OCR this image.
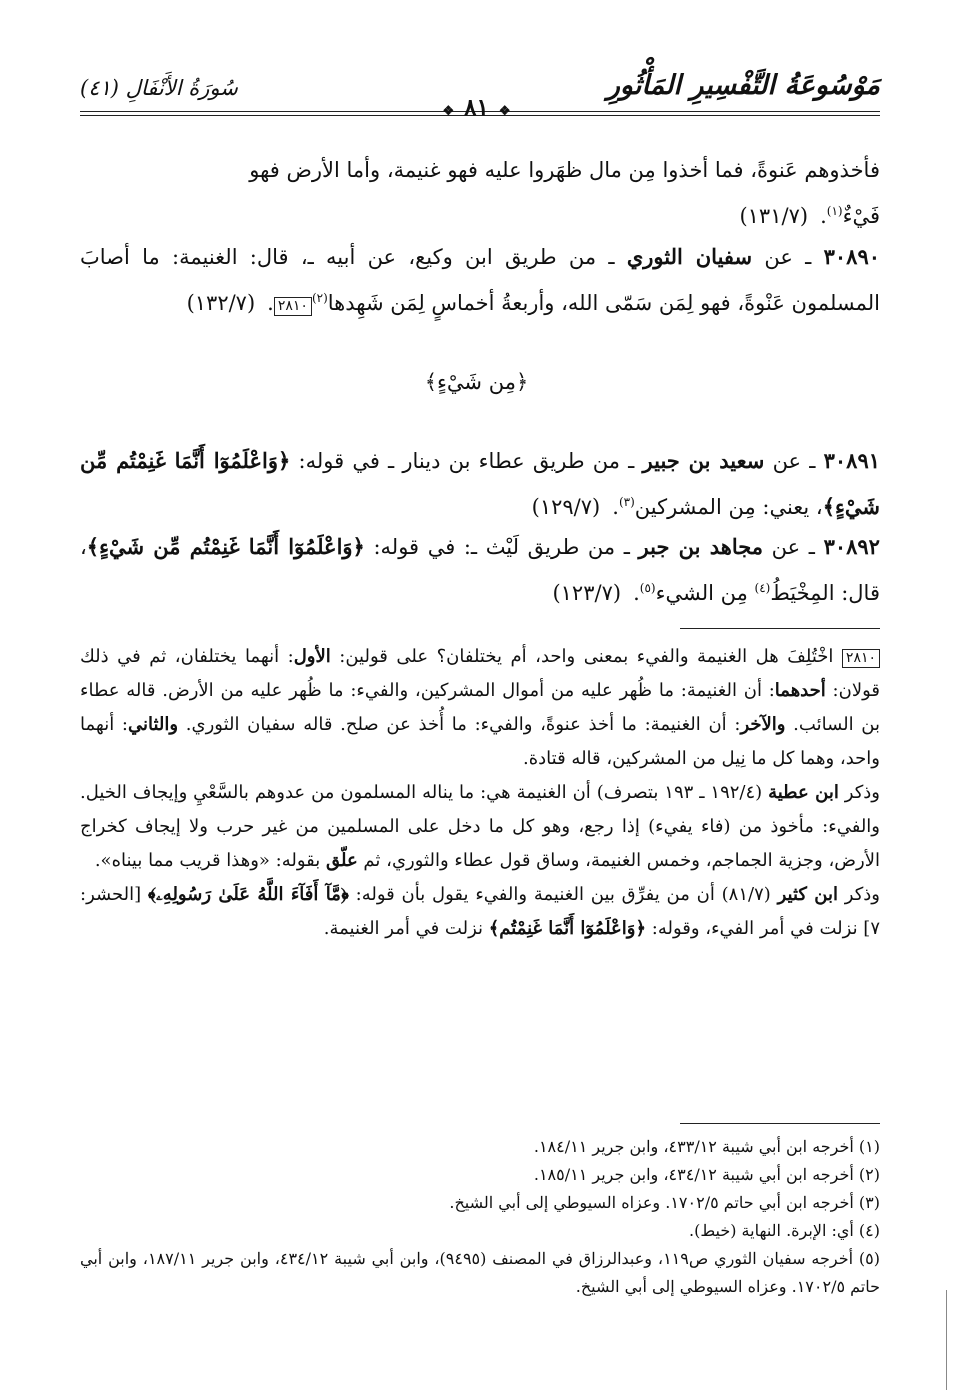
مَوْسُوعَةُ التَّفْسِيرِ المَأْثُورِ
سُورَةُ الأَنْفَالِ (٤١)
❖٨١❖

فأخذوهم عَنوةً، فما أخذوا مِن مال ظهَروا عليه فهو غنيمة، وأما الأرض فهو

فَيْءٌ$^{(١)}$.(١٣١/٧)

٣٠٨٩٠ ـ عن سفيان الثوري ـ من طريق ابن وكيع، عن أبيه ـ، قال: الغنيمة: ما أصابَ المسلمون عَنْوةً، فهو لِمَن سَمّى الله، وأربعةُ أخماسٍ لِمَن شَهِدها$^{(٢)}$٢٨١٠.(١٣٢/٧)

﴿مِن شَيْءٍ﴾

٣٠٨٩١ ـ عن سعيد بن جبير ـ من طريق عطاء بن دينار ـ في قوله: ﴿وَاعْلَمُوٓا أَنَّمَا غَنِمْتُم مِّن شَيْءٍ﴾، يعني: مِن المشركين$^{(٣)}$.(١٢٩/٧)

٣٠٨٩٢ ـ عن مجاهد بن جبر ـ من طريق لَيْث ـ: في قوله: ﴿وَاعْلَمُوٓا أَنَّمَا غَنِمْتُم مِّن شَيْءٍ﴾، قال: المِخْيَطُ$^{(٤)}$ مِن الشيء$^{(٥)}$.(١٢٣/٧)

٢٨١٠ اخْتُلِفَ هل الغنيمة والفيء بمعنى واحد، أم يختلفان؟ على قولين: الأول: أنهما يختلفان، ثم في ذلك قولان: أحدهما: أن الغنيمة: ما ظُهر عليه من أموال المشركين، والفيء: ما ظُهر عليه من الأرض. قاله عطاء بن السائب. والآخر: أن الغنيمة: ما أخذ عنوةً، والفيء: ما أُخذ عن صلح. قاله سفيان الثوري. والثاني: أنهما واحد، وهما كل ما نِيل من المشركين، قاله قتادة.

وذكر ابن عطية (١٩٢/٤ ـ ١٩٣ بتصرف) أن الغنيمة هي: ما يناله المسلمون من عدوهم بالسَّعْيِ وإيجاف الخيل. والفيء: مأخوذ من (فاء يفيء) إذا رجع، وهو كل ما دخل على المسلمين من غير حرب ولا إيجاف كخراج الأرض، وجزية الجماجم، وخمس الغنيمة، وساق قول عطاء والثوري، ثم علّق بقوله: «وهذا قريب مما بيناه».

وذكر ابن كثير (٨١/٧) أن من يفرِّق بين الغنيمة والفيء يقول بأن قوله: ﴿مَّآ أَفَآءَ اللَّهُ عَلَىٰ رَسُولِهِۦ﴾ [الحشر: ٧] نزلت في أمر الفيء، وقوله: ﴿وَاعْلَمُوٓا أَنَّمَا غَنِمْتُم﴾ نزلت في أمر الغنيمة.

(١) أخرجه ابن أبي شيبة ٤٣٣/١٢، وابن جرير ١٨٤/١١.

(٢) أخرجه ابن أبي شيبة ٤٣٤/١٢، وابن جرير ١٨٥/١١.

(٣) أخرجه ابن أبي حاتم ١٧٠٢/٥. وعزاه السيوطي إلى أبي الشيخ.

(٤) أي: الإبرة. النهاية (خيط).

(٥) أخرجه سفيان الثوري ص١١٩، وعبدالرزاق في المصنف (٩٤٩٥)، وابن أبي شيبة ٤٣٤/١٢، وابن جرير ١٨٧/١١، وابن أبي حاتم ١٧٠٢/٥. وعزاه السيوطي إلى أبي الشيخ.
